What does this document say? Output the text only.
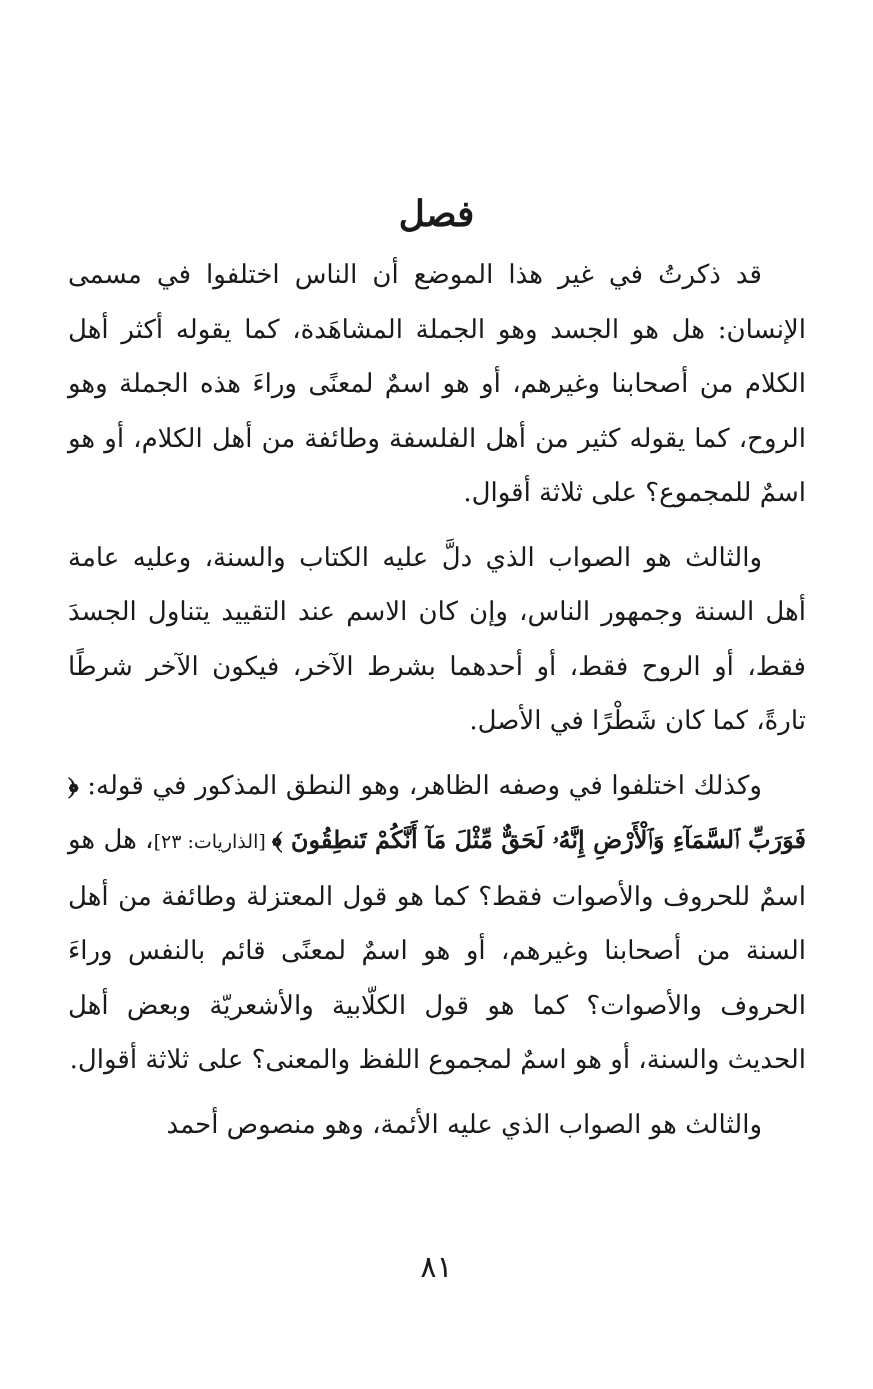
فصل

قد ذكرتُ في غير هذا الموضع أن الناس اختلفوا في مسمى الإنسان: هل هو الجسد وهو الجملة المشاهَدة، كما يقوله أكثر أهل الكلام من أصحابنا وغيرهم، أو هو اسمٌ لمعنًى وراءَ هذه الجملة وهو الروح، كما يقوله كثير من أهل الفلسفة وطائفة من أهل الكلام، أو هو اسمٌ للمجموع؟ على ثلاثة أقوال.

والثالث هو الصواب الذي دلَّ عليه الكتاب والسنة، وعليه عامة أهل السنة وجمهور الناس، وإن كان الاسم عند التقييد يتناول الجسدَ فقط، أو الروح فقط، أو أحدهما بشرط الآخر، فيكون الآخر شرطًا تارةً، كما كان شَطْرًا في الأصل.

وكذلك اختلفوا في وصفه الظاهر، وهو النطق المذكور في قوله: ﴿ فَوَرَبِّ ٱلسَّمَآءِ وَٱلْأَرْضِ إِنَّهُۥ لَحَقٌّ مِّثْلَ مَآ أَنَّكُمْ تَنطِقُونَ ﴾ [الذاريات: ٢٣]، هل هو اسمٌ للحروف والأصوات فقط؟ كما هو قول المعتزلة وطائفة من أهل السنة من أصحابنا وغيرهم، أو هو اسمٌ لمعنًى قائم بالنفس وراءَ الحروف والأصوات؟ كما هو قول الكلّابية والأشعريّة وبعض أهل الحديث والسنة، أو هو اسمٌ لمجموع اللفظ والمعنى؟ على ثلاثة أقوال.

والثالث هو الصواب الذي عليه الأئمة، وهو منصوص أحمد

٨١
